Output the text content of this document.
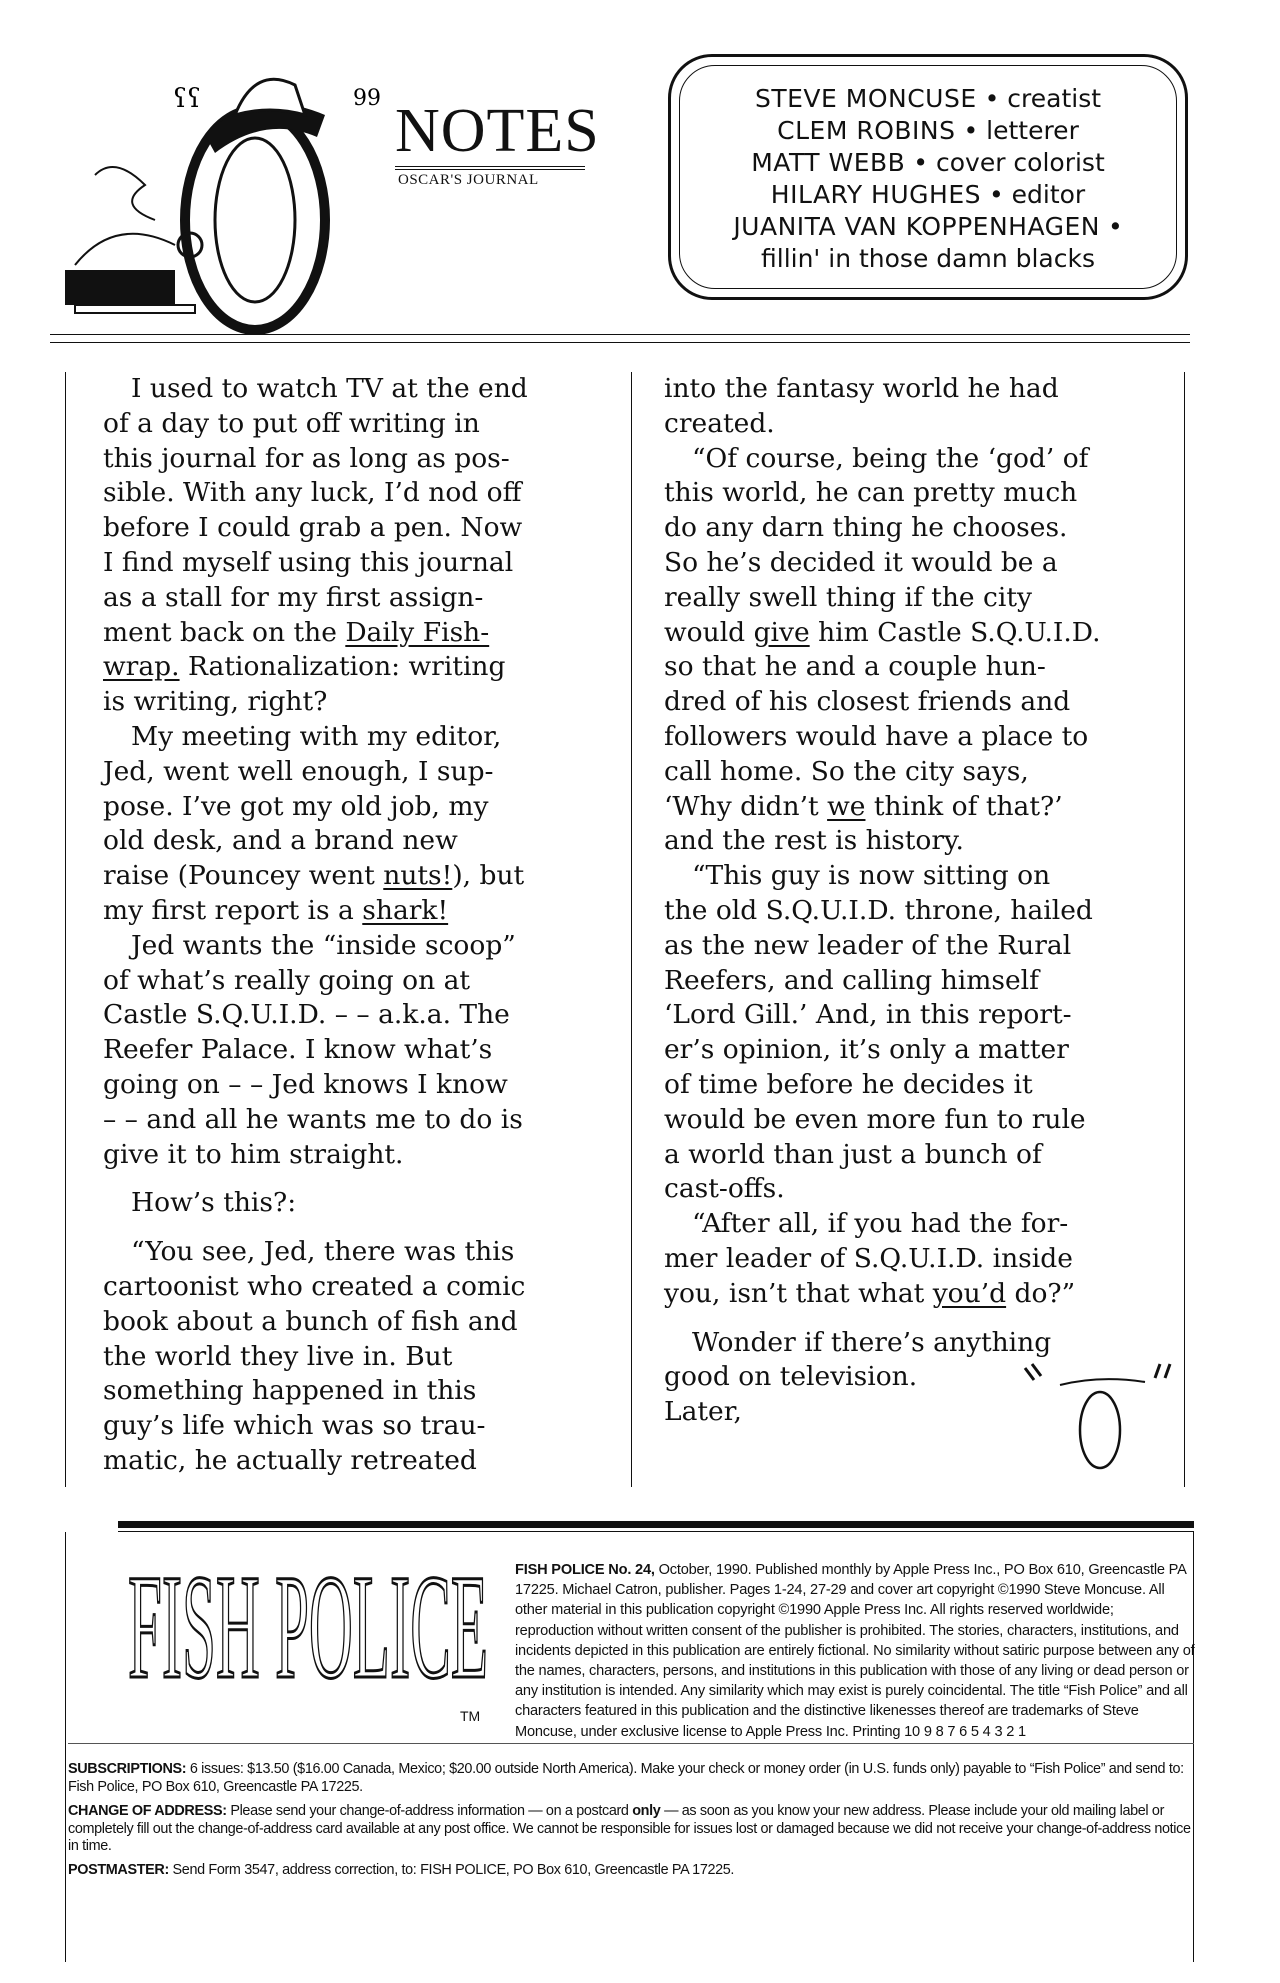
ʕʕ	99 NOTES
OSCAR'S JOURNAL
STEVE MONCUSE • creatist
CLEM ROBINS • letterer
MATT WEBB • cover colorist
HILARY HUGHES • editor
JUANITA VAN KOPPENHAGEN •
fillin' in those damn blacks
I used to watch TV at the end
of a day to put off writing in
this journal for as long as pos-
sible. With any luck, I’d nod off
before I could grab a pen. Now
I find myself using this journal
as a stall for my first assign-
ment back on the Daily Fish-
wrap. Rationalization: writing
is writing, right?
My meeting with my editor,
Jed, went well enough, I sup-
pose. I’ve got my old job, my
old desk, and a brand new
raise (Pouncey went nuts!), but
my first report is a shark!
Jed wants the “inside scoop”
of what’s really going on at
Castle S.Q.U.I.D. – – a.k.a. The
Reefer Palace. I know what’s
going on – – Jed knows I know
– – and all he wants me to do is
give it to him straight.
How’s this?:
“You see, Jed, there was this
cartoonist who created a comic
book about a bunch of fish and
the world they live in. But
something happened in this
guy’s life which was so trau-
matic, he actually retreated
into the fantasy world he had
created.
“Of course, being the ‘god’ of
this world, he can pretty much
do any darn thing he chooses.
So he’s decided it would be a
really swell thing if the city
would give him Castle S.Q.U.I.D.
so that he and a couple hun-
dred of his closest friends and
followers would have a place to
call home. So the city says,
‘Why didn’t we think of that?’
and the rest is history.
“This guy is now sitting on
the old S.Q.U.I.D. throne, hailed
as the new leader of the Rural
Reefers, and calling himself
‘Lord Gill.’ And, in this report-
er’s opinion, it’s only a matter
of time before he decides it
would be even more fun to rule
a world than just a bunch of
cast-offs.
“After all, if you had the for-
mer leader of S.Q.U.I.D. inside
you, isn’t that what you’d do?”
Wonder if there’s anything
good on television.
Later,
FISH POLICE
TM
FISH POLICE No. 24, October, 1990. Published monthly by Apple Press Inc., PO Box 610, Greencastle PA 17225. Michael Catron, publisher. Pages 1-24, 27-29 and cover art copyright ©1990 Steve Moncuse. All other material in this publication copyright ©1990 Apple Press Inc. All rights reserved worldwide; reproduction without written consent of the publisher is prohibited. The stories, characters, institutions, and incidents depicted in this publication are entirely fictional. No similarity without satiric purpose between any of the names, characters, persons, and institutions in this publication with those of any living or dead person or any institution is intended. Any similarity which may exist is purely coincidental. The title “Fish Police” and all characters featured in this publication and the distinctive likenesses thereof are trademarks of Steve Moncuse, under exclusive license to Apple Press Inc. Printing 10 9 8 7 6 5 4 3 2 1
SUBSCRIPTIONS: 6 issues: $13.50 ($16.00 Canada, Mexico; $20.00 outside North America). Make your check or money order (in U.S. funds only) payable to “Fish Police” and send to: Fish Police, PO Box 610, Greencastle PA 17225.
CHANGE OF ADDRESS: Please send your change-of-address information — on a postcard only — as soon as you know your new address. Please include your old mailing label or completely fill out the change-of-address card available at any post office. We cannot be responsible for issues lost or damaged because we did not receive your change-of-address notice in time.
POSTMASTER: Send Form 3547, address correction, to: FISH POLICE, PO Box 610, Greencastle PA 17225.
